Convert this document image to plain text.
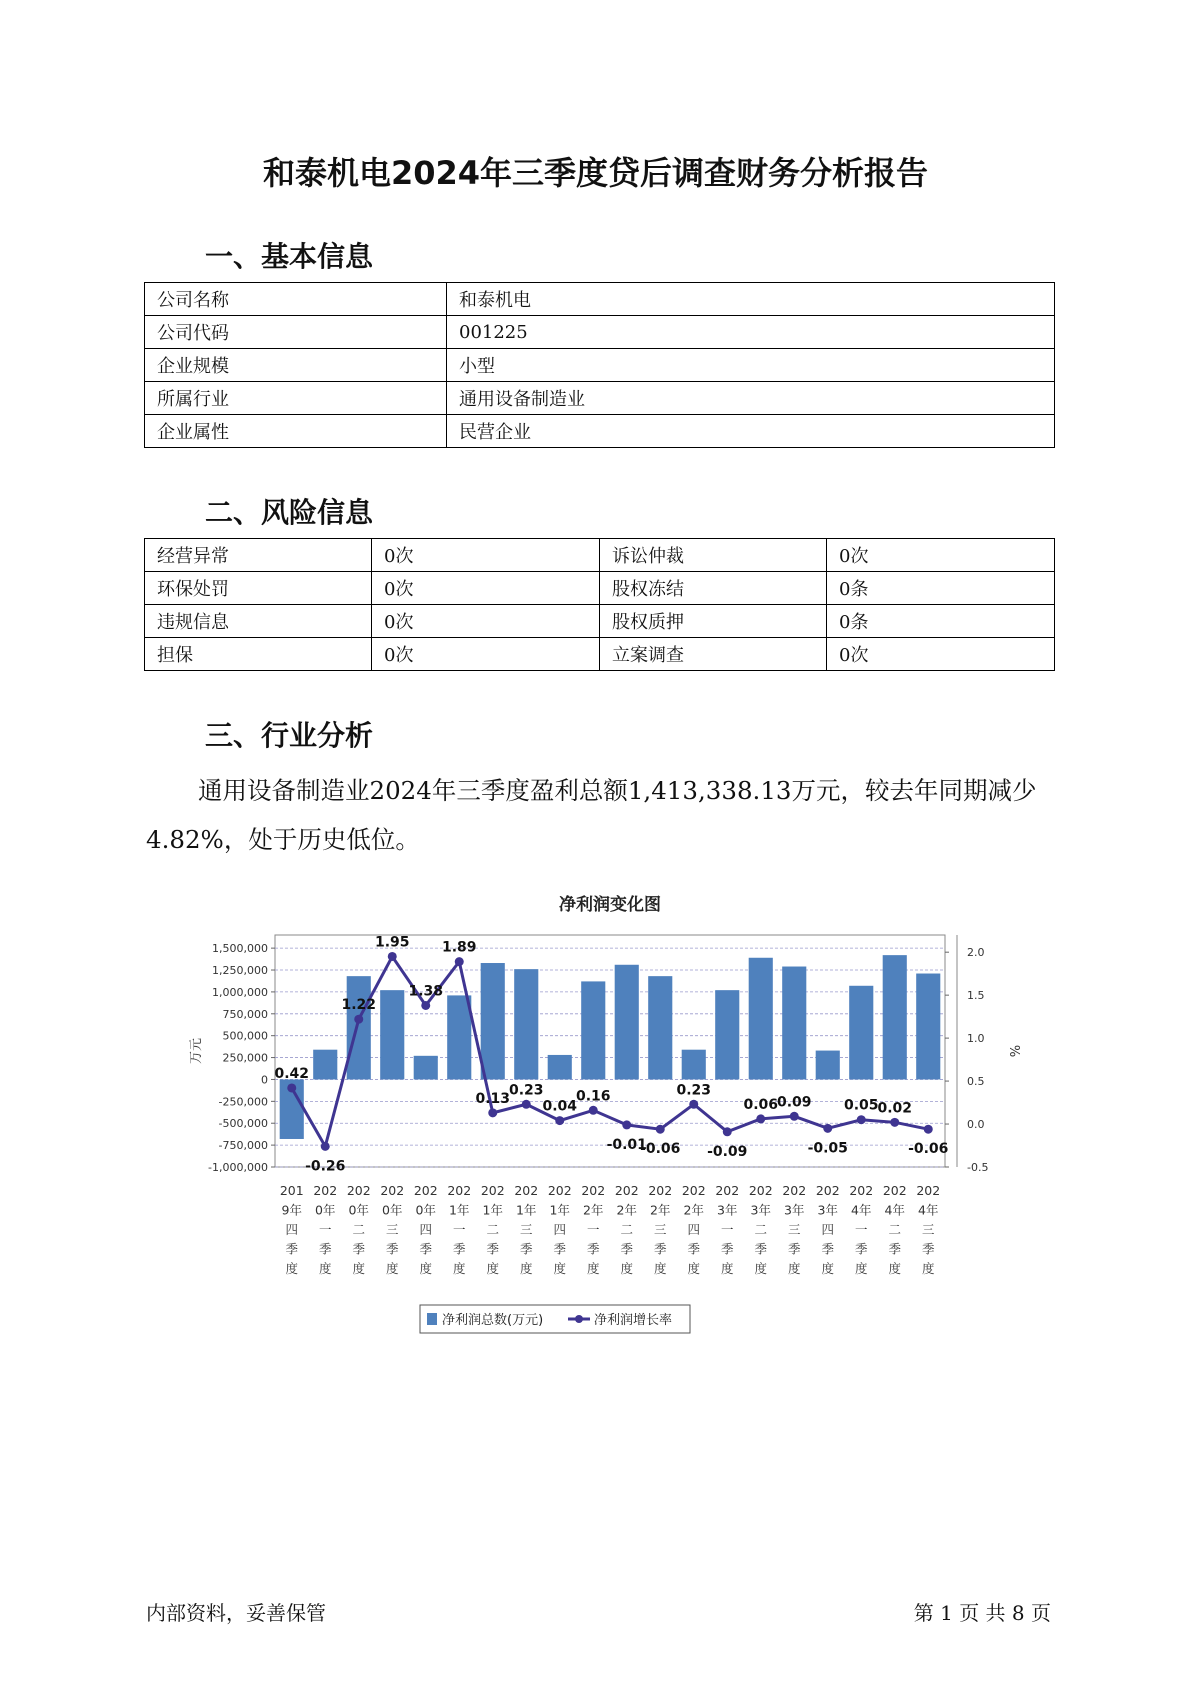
和泰机电2024年三季度贷后调查财务分析报告
一、基本信息
公司名称	和泰机电
公司代码	001225
企业规模	小型
所属行业	通用设备制造业
企业属性	民营企业
二、风险信息
经营异常	0次	诉讼仲裁	0次
环保处罚	0次	股权冻结	0条
违规信息	0次	股权质押	0条
担保	0次	立案调查	0次
三、行业分析
通用设备制造业2024年三季度盈利总额1,413,338.13万元，较去年同期减少4.82%，处于历史低位。
净利润变化图
1,500,000
1,250,000
1,000,000
750,000
500,000
250,000
0
-250,000
-500,000
-750,000
-1,000,000
2.0
1.5
1.0
0.5
0.0
-0.5
万元	%
0.42
-0.26
1.22
1.95
1.38
1.89
0.13
0.23
0.04
0.16
-0.01
-0.06
0.23
-0.09
0.06
0.09
-0.05
0.05
0.02
-0.06
201 9年四季度
202 0年一季度
202 0年二季度
202 0年三季度
202 0年四季度
202 1年一季度
202 1年二季度
202 1年三季度
202 1年四季度
202 2年一季度
202 2年二季度
202 2年三季度
202 2年四季度
202 3年一季度
202 3年二季度
202 3年三季度
202 3年四季度
202 4年一季度
202 4年二季度
202 4年三季度
净利润总数(万元)	净利润增长率
内部资料，妥善保管	第 1 页 共 8 页
